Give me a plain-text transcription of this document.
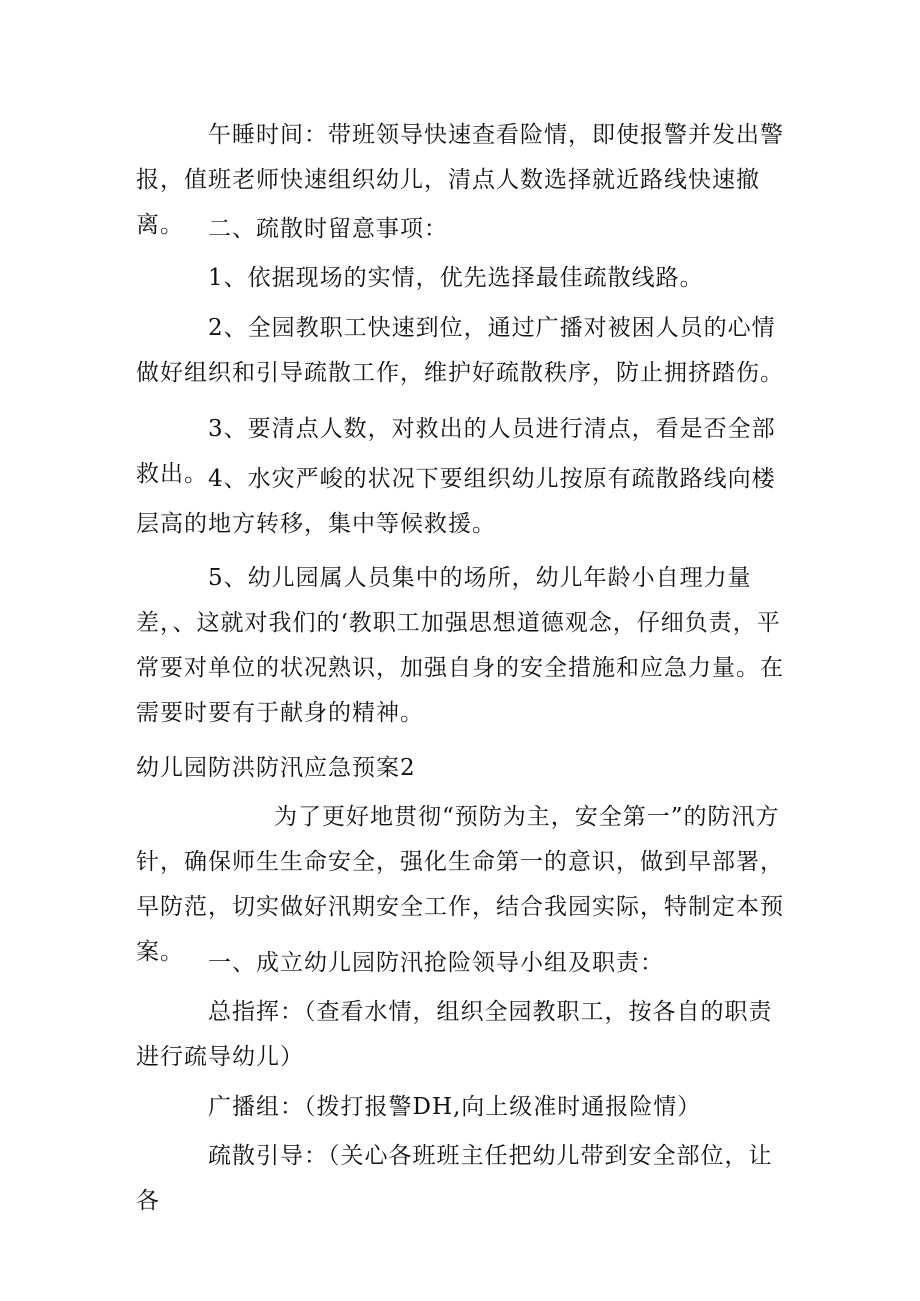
午睡时间：带班领导快速查看险情，即使报警并发出警报，值班老师快速组织幼儿，清点人数选择就近路线快速撤离。	二、疏散时留意事项：

1、依据现场的实情，优先选择最佳疏散线路。

2、全园教职工快速到位，通过广播对被困人员的心情做好组织和引导疏散工作，维护好疏散秩序，防止拥挤踏伤。

3、要清点人数，对救出的人员进行清点，看是否全部救出。 4、水灾严峻的状况下要组织幼儿按原有疏散路线向楼层高的地方转移，集中等候救援。

5、幼儿园属人员集中的场所，幼儿年龄小自理力量差，、这就对我们的‘教职工加强思想道德观念，仔细负责，平常要对单位的状况熟识，加强自身的安全措施和应急力量。在需要时要有于献身的精神。

幼儿园防洪防汛应急预案2

为了更好地贯彻“预防为主，安全第一”的防汛方针，确保师生生命安全，强化生命第一的意识，做到早部署，早防范，切实做好汛期安全工作，结合我园实际，特制定本预案。	一、成立幼儿园防汛抢险领导小组及职责：

总指挥：（查看水情，组织全园教职工，按各自的职责进行疏导幼儿）

广播组：（拨打报警DH,向上级准时通报险情）

疏散引导：（关心各班班主任把幼儿带到安全部位，让各
